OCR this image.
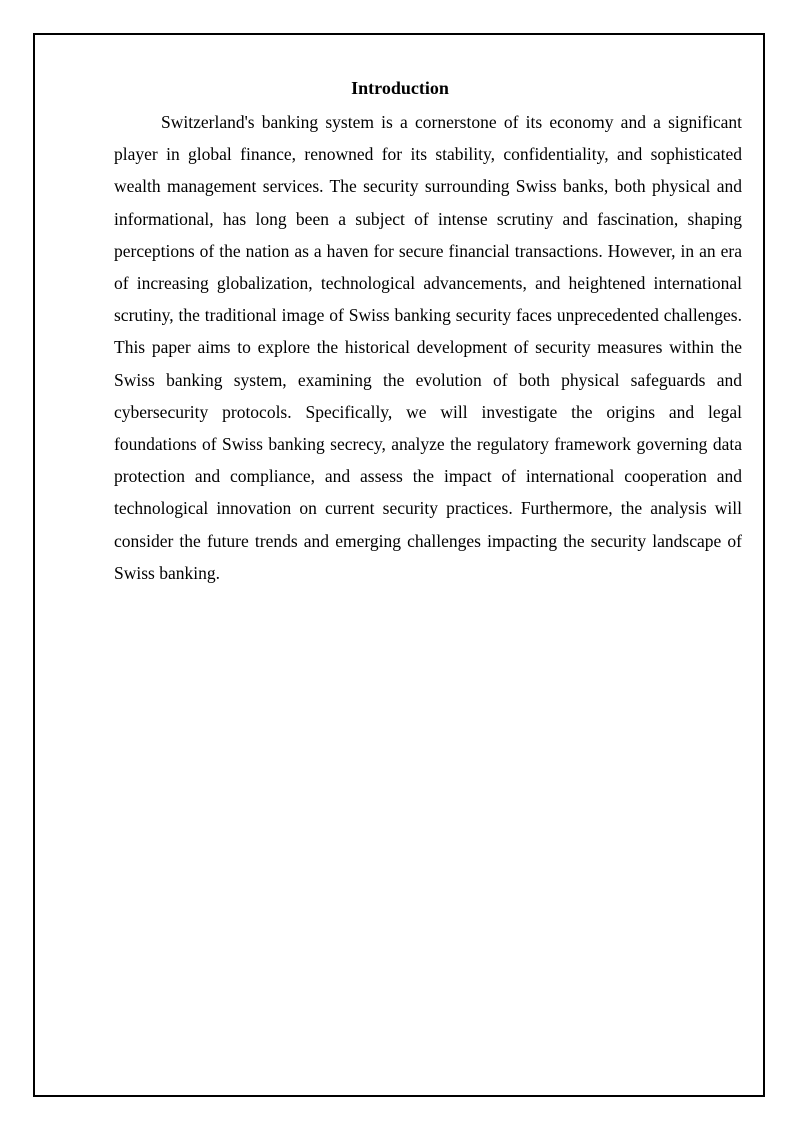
Introduction

Switzerland's banking system is a cornerstone of its economy and a significant player in global finance, renowned for its stability, confidentiality, and sophisticated wealth management services. The security surrounding Swiss banks, both physical and informational, has long been a subject of intense scrutiny and fascination, shaping perceptions of the nation as a haven for secure financial transactions. However, in an era of increasing globalization, technological advancements, and heightened international scrutiny, the traditional image of Swiss banking security faces unprecedented challenges. This paper aims to explore the historical development of security measures within the Swiss banking system, examining the evolution of both physical safeguards and cybersecurity protocols. Specifically, we will investigate the origins and legal foundations of Swiss banking secrecy, analyze the regulatory framework governing data protection and compliance, and assess the impact of international cooperation and technological innovation on current security practices. Furthermore, the analysis will consider the future trends and emerging challenges impacting the security landscape of Swiss banking.
